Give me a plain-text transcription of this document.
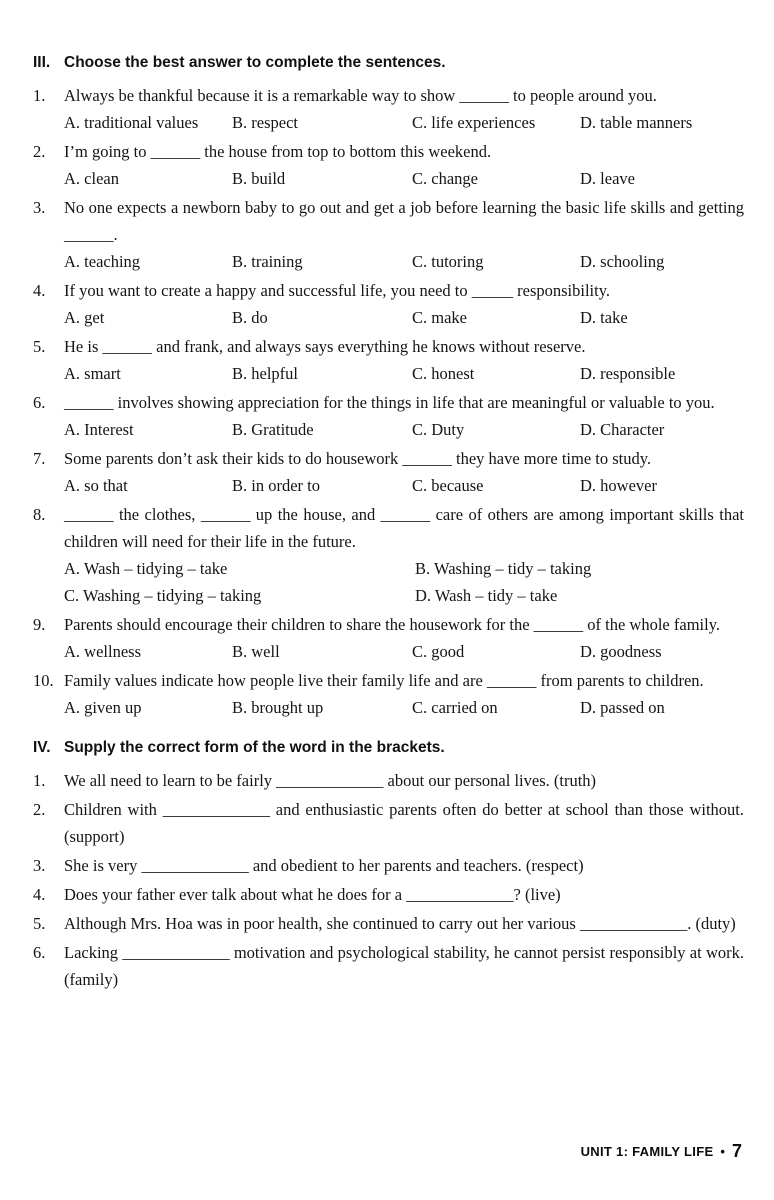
III. Choose the best answer to complete the sentences.
1.	Always be thankful because it is a remarkable way to show ______ to people around you.
A. traditional values	B. respect	C. life experiences	D. table manners
2.	I’m going to ______ the house from top to bottom this weekend.
A. clean	B. build	C. change	D. leave
3.	No one expects a newborn baby to go out and get a job before learning the basic life skills and getting ______.
A. teaching	B. training	C. tutoring	D. schooling
4.	If you want to create a happy and successful life, you need to _____ responsibility.
A. get	B. do	C. make	D. take
5.	He is ______ and frank, and always says everything he knows without reserve.
A. smart	B. helpful	C. honest	D. responsible
6.	______ involves showing appreciation for the things in life that are meaningful or valuable to you.
A. Interest	B. Gratitude	C. Duty	D. Character
7.	Some parents don’t ask their kids to do housework ______ they have more time to study.
A. so that	B. in order to	C. because	D. however
8.	______ the clothes, ______ up the house, and ______ care of others are among important skills that children will need for their life in the future.
A. Wash – tidying – take	B. Washing – tidy – taking
C. Washing – tidying – taking	D. Wash – tidy – take
9.	Parents should encourage their children to share the housework for the ______ of the whole family.
A. wellness	B. well	C. good	D. goodness
10. Family values indicate how people live their family life and are ______ from parents to children.
A. given up	B. brought up	C. carried on	D. passed on
IV. Supply the correct form of the word in the brackets.
1.	We all need to learn to be fairly _____________ about our personal lives. (truth)
2.	Children with _____________ and enthusiastic parents often do better at school than those without. (support)
3.	She is very _____________ and obedient to her parents and teachers. (respect)
4.	Does your father ever talk about what he does for a _____________? (live)
5.	Although Mrs. Hoa was in poor health, she continued to carry out her various _____________. (duty)
6.	Lacking _____________ motivation and psychological stability, he cannot persist responsibly at work. (family)
UNIT 1: FAMILY LIFE • 7
